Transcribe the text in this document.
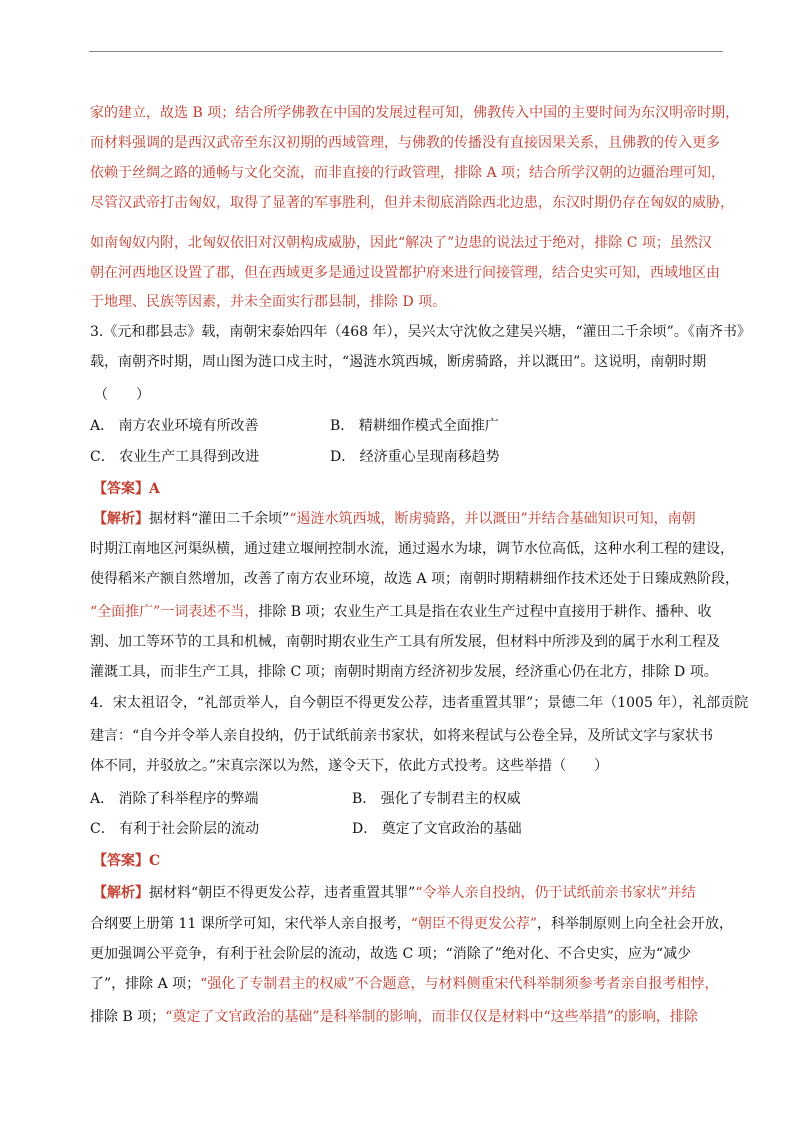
家的建立，故选 B 项；结合所学佛教在中国的发展过程可知，佛教传入中国的主要时间为东汉明帝时期，
而材料强调的是西汉武帝至东汉初期的西域管理，与佛教的传播没有直接因果关系，且佛教的传入更多
依赖于丝绸之路的通畅与文化交流，而非直接的行政管理，排除 A 项；结合所学汉朝的边疆治理可知，
尽管汉武帝打击匈奴，取得了显著的军事胜利，但并未彻底消除西北边患，东汉时期仍存在匈奴的威胁，
如南匈奴内附，北匈奴依旧对汉朝构成威胁，因此“解决了”边患的说法过于绝对，排除 C 项；虽然汉
朝在河西地区设置了郡，但在西域更多是通过设置都护府来进行间接管理，结合史实可知，西域地区由
于地理、民族等因素，并未全面实行郡县制，排除 D 项。
3.《元和郡县志》载，南朝宋泰始四年（468 年），吴兴太守沈攸之建吴兴塘，“灌田二千余顷”。《南齐书》
载，南朝齐时期，周山图为涟口戍主时，“遏涟水筑西城，断虏骑路，并以溉田”。这说明，南朝时期
（　　）
A． 南方农业环境有所改善	B． 精耕细作模式全面推广
C． 农业生产工具得到改进	D． 经济重心呈现南移趋势
【答案】A
【解析】据材料“灌田二千余顷”“遏涟水筑西城，断虏骑路，并以溉田”并结合基础知识可知，南朝
时期江南地区河渠纵横，通过建立堰闸控制水流，通过遏水为埭，调节水位高低，这种水利工程的建设，
使得稻米产额自然增加，改善了南方农业环境，故选 A 项；南朝时期精耕细作技术还处于日臻成熟阶段，
“全面推广”一词表述不当，排除 B 项；农业生产工具是指在农业生产过程中直接用于耕作、播种、收
割、加工等环节的工具和机械，南朝时期农业生产工具有所发展，但材料中所涉及到的属于水利工程及
灌溉工具，而非生产工具，排除 C 项；南朝时期南方经济初步发展，经济重心仍在北方，排除 D 项。
4．宋太祖诏令，“礼部贡举人，自今朝臣不得更发公荐，违者重置其罪”；景德二年（1005 年），礼部贡院
建言：“自今并令举人亲自投纳，仍于试纸前亲书家状，如将来程试与公卷全异，及所试文字与家状书
体不同，并驳放之。”宋真宗深以为然，遂令天下，依此方式投考。这些举措（　　）
A． 消除了科举程序的弊端	B． 强化了专制君主的权威
C． 有利于社会阶层的流动	D． 奠定了文官政治的基础
【答案】C
【解析】据材料“朝臣不得更发公荐，违者重置其罪”“令举人亲自投纳，仍于试纸前亲书家状”并结
合纲要上册第 11 课所学可知，宋代举人亲自报考，“朝臣不得更发公荐”，科举制原则上向全社会开放，
更加强调公平竞争，有利于社会阶层的流动，故选 C 项；“消除了”绝对化、不合史实，应为“减少
了”，排除 A 项；“强化了专制君主的权威”不合题意，与材料侧重宋代科举制须参考者亲自报考相悖，
排除 B 项；“奠定了文官政治的基础”是科举制的影响，而非仅仅是材料中“这些举措”的影响，排除
